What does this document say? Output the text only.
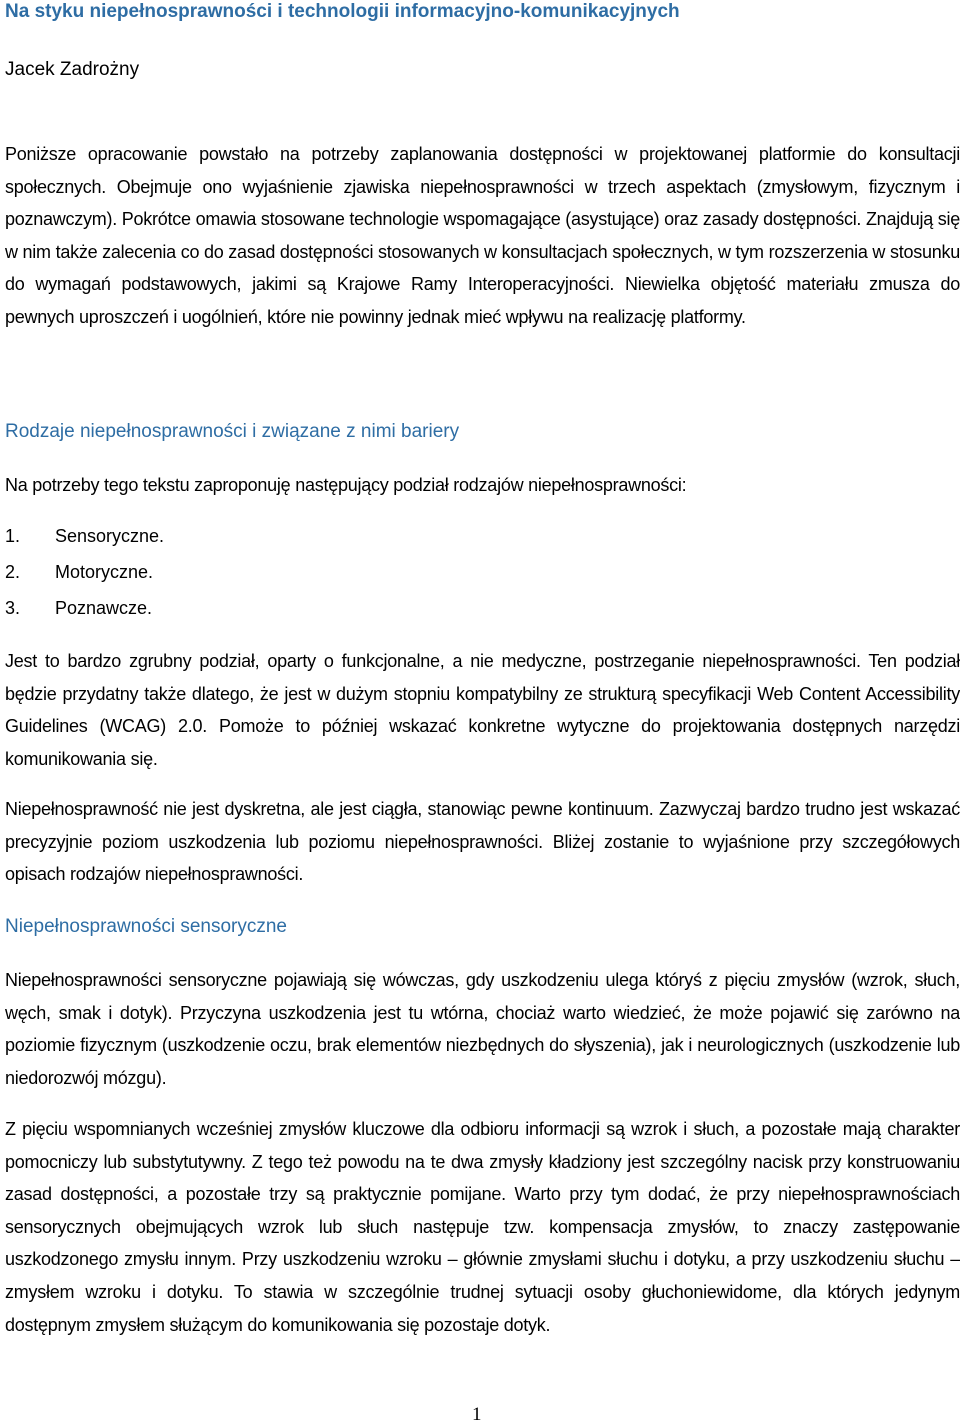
Na styku niepełnosprawności i technologii informacyjno-komunikacyjnych
Jacek Zadrożny
Poniższe opracowanie powstało na potrzeby zaplanowania dostępności w projektowanej platformie do konsultacji społecznych. Obejmuje ono wyjaśnienie zjawiska niepełnosprawności w trzech aspektach (zmysłowym, fizycznym i poznawczym). Pokrótce omawia stosowane technologie wspomagające (asystujące) oraz zasady dostępności. Znajdują się w nim także zalecenia co do zasad dostępności stosowanych w konsultacjach społecznych, w tym rozszerzenia w stosunku do wymagań podstawowych, jakimi są Krajowe Ramy Interoperacyjności. Niewielka objętość materiału zmusza do pewnych uproszczeń i uogólnień, które nie powinny jednak mieć wpływu na realizację platformy.
Rodzaje niepełnosprawności i związane z nimi bariery
Na potrzeby tego tekstu zaproponuję następujący podział rodzajów niepełnosprawności:
1.	Sensoryczne.
2.	Motoryczne.
3.	Poznawcze.
Jest to bardzo zgrubny podział, oparty o funkcjonalne, a nie medyczne, postrzeganie niepełnosprawności. Ten podział będzie przydatny także dlatego, że jest w dużym stopniu kompatybilny ze strukturą specyfikacji Web Content Accessibility Guidelines (WCAG) 2.0. Pomoże to później wskazać konkretne wytyczne do projektowania dostępnych narzędzi komunikowania się.
Niepełnosprawność nie jest dyskretna, ale jest ciągła, stanowiąc pewne kontinuum. Zazwyczaj bardzo trudno jest wskazać precyzyjnie poziom uszkodzenia lub poziomu niepełnosprawności. Bliżej zostanie to wyjaśnione przy szczegółowych opisach rodzajów niepełnosprawności.
Niepełnosprawności sensoryczne
Niepełnosprawności sensoryczne pojawiają się wówczas, gdy uszkodzeniu ulega któryś z pięciu zmysłów (wzrok, słuch, węch, smak i dotyk). Przyczyna uszkodzenia jest tu wtórna, chociaż warto wiedzieć, że może pojawić się zarówno na poziomie fizycznym (uszkodzenie oczu, brak elementów niezbędnych do słyszenia), jak i neurologicznych (uszkodzenie lub niedorozwój mózgu).
Z pięciu wspomnianych wcześniej zmysłów kluczowe dla odbioru informacji są wzrok i słuch, a pozostałe mają charakter pomocniczy lub substytutywny. Z tego też powodu na te dwa zmysły kładziony jest szczególny nacisk przy konstruowaniu zasad dostępności, a pozostałe trzy są praktycznie pomijane. Warto przy tym dodać, że przy niepełnosprawnościach sensorycznych obejmujących wzrok lub słuch następuje tzw. kompensacja zmysłów, to znaczy zastępowanie uszkodzonego zmysłu innym. Przy uszkodzeniu wzroku – głównie zmysłami słuchu i dotyku, a przy uszkodzeniu słuchu – zmysłem wzroku i dotyku. To stawia w szczególnie trudnej sytuacji osoby głuchoniewidome, dla których jedynym dostępnym zmysłem służącym do komunikowania się pozostaje dotyk.
1
